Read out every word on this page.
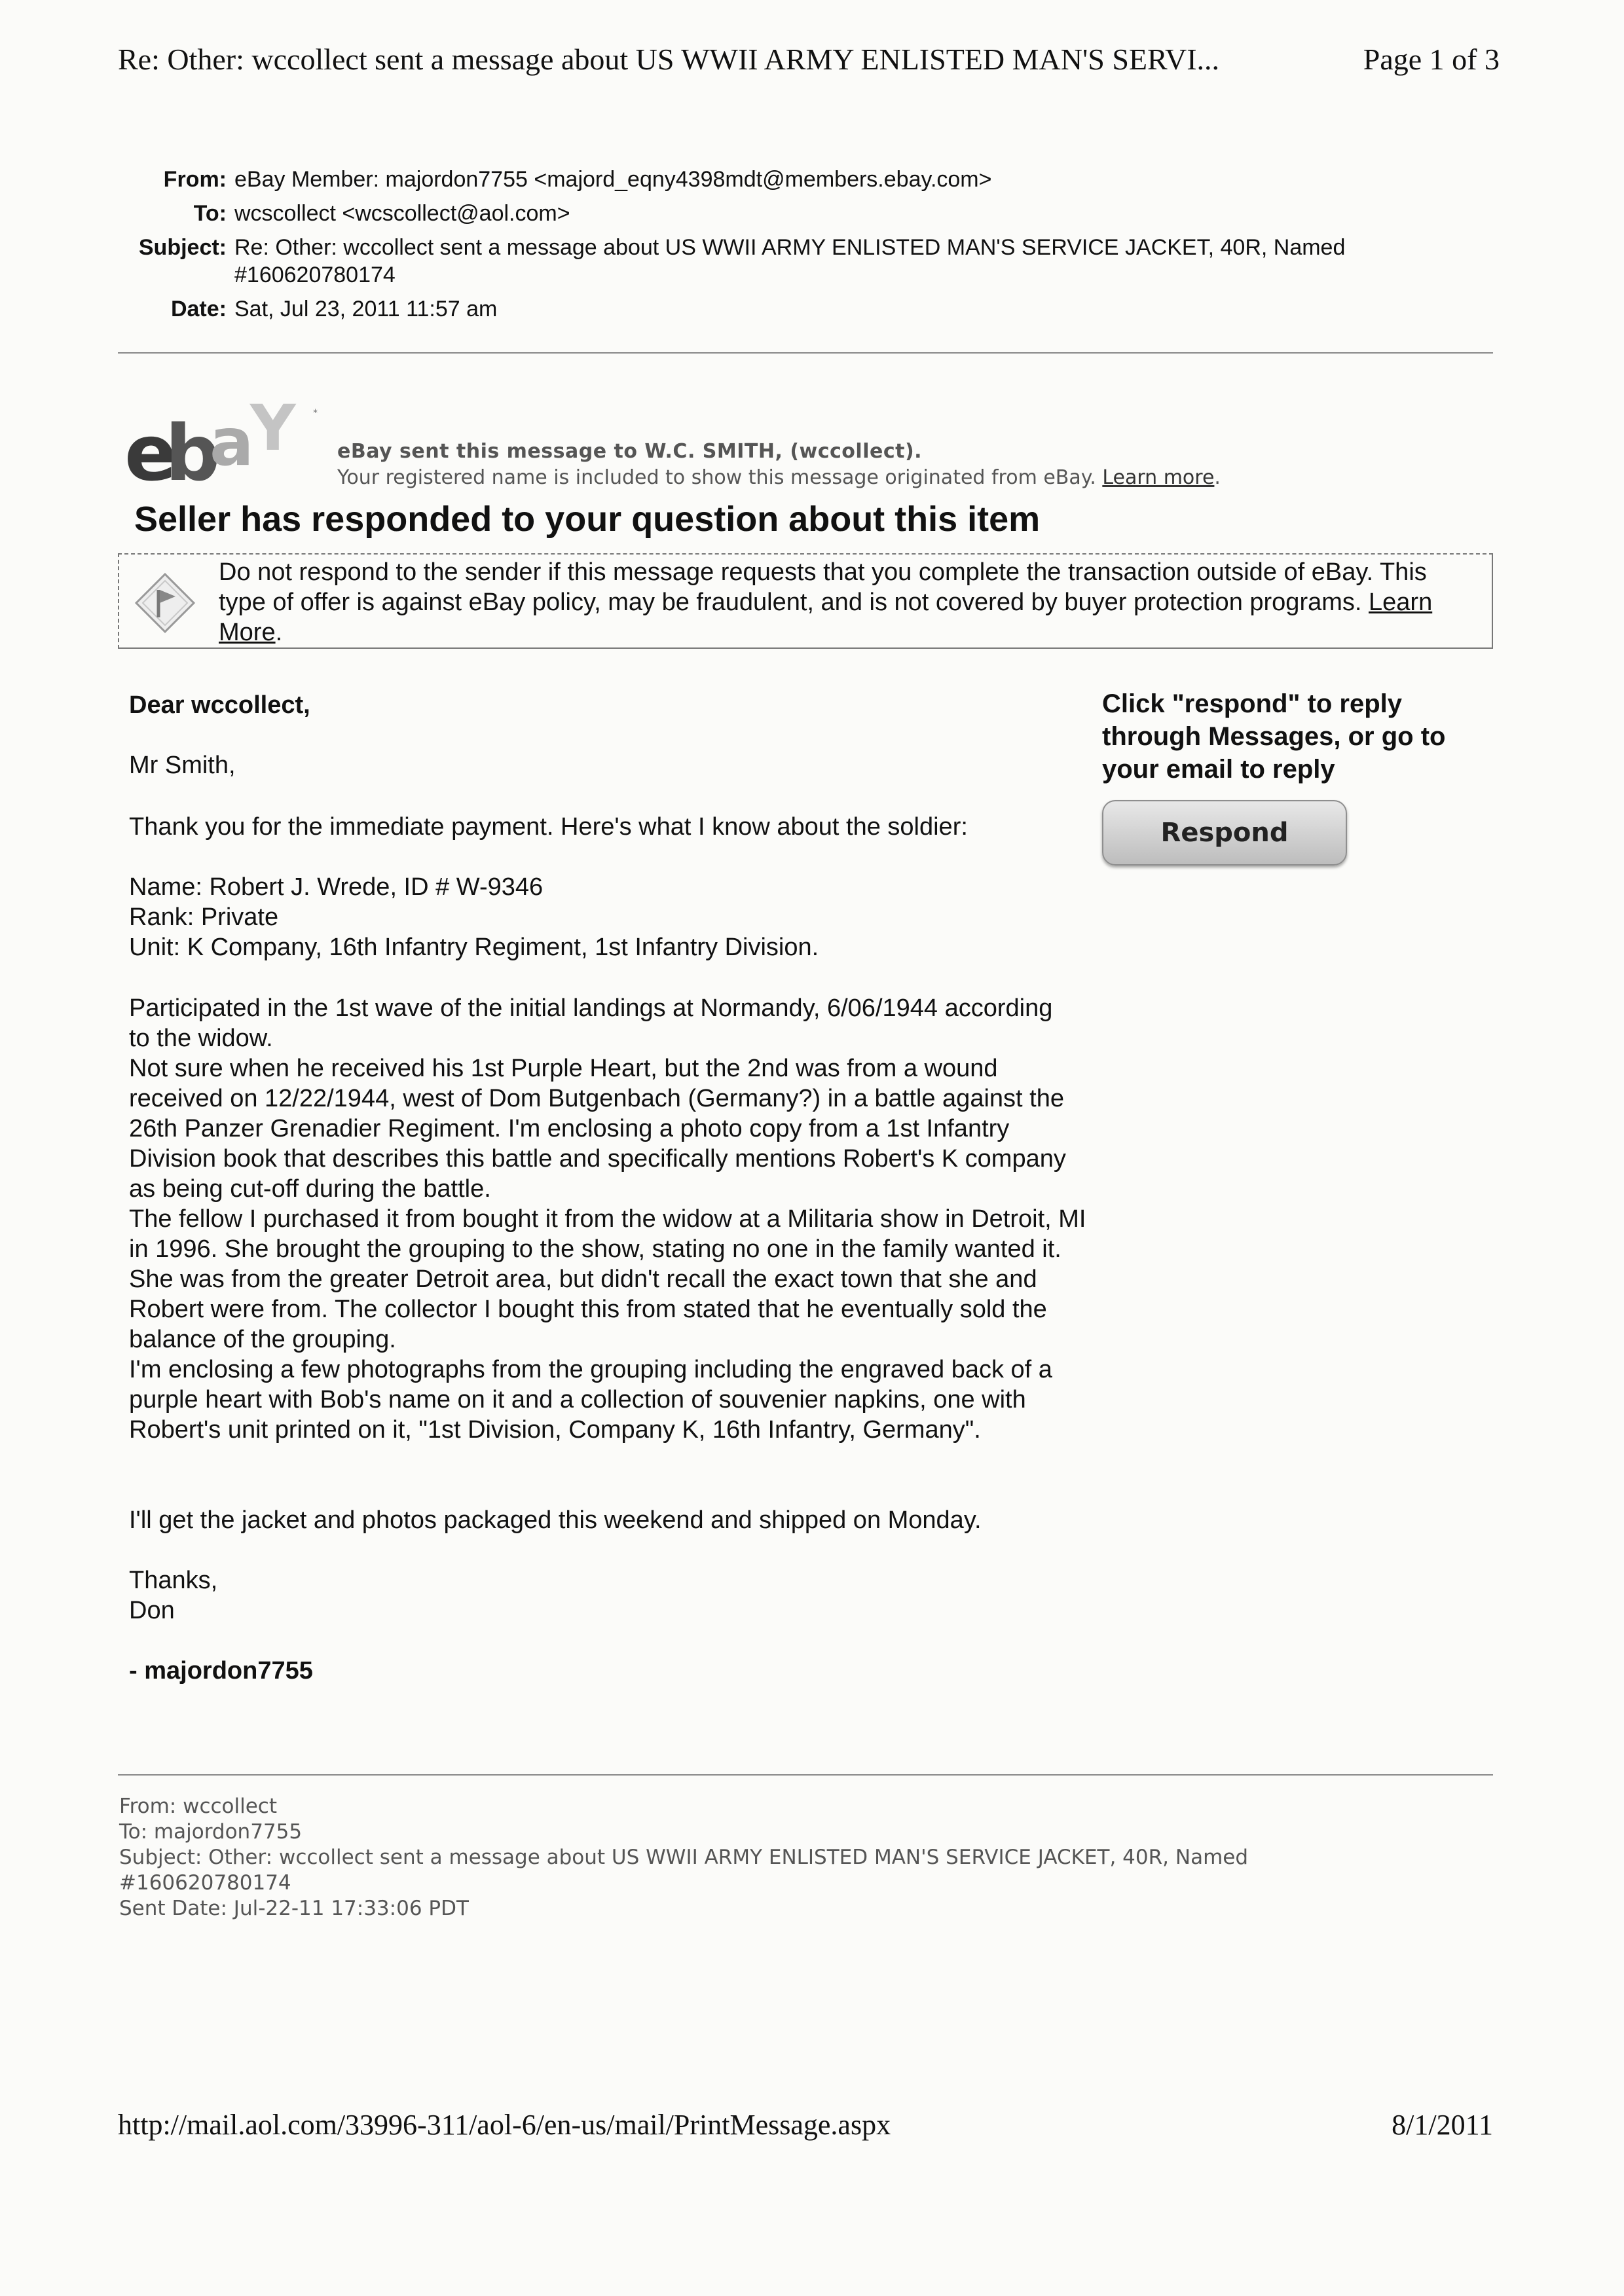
Re: Other: wccollect sent a message about US WWII ARMY ENLISTED MAN'S SERVI...	Page 1 of 3
From: eBay Member: majordon7755 <majord_eqny4398mdt@members.ebay.com>
To: wcscollect <wcscollect@aol.com>
Subject: Re: Other: wccollect sent a message about US WWII ARMY ENLISTED MAN'S SERVICE JACKET, 40R, Named #160620780174
Date: Sat, Jul 23, 2011 11:57 am
e
b
a
Y *
eBay sent this message to W.C. SMITH, (wccollect).
Your registered name is included to show this message originated from eBay. Learn more.
Seller has responded to your question about this item
Do not respond to the sender if this message requests that you complete the transaction outside of eBay. This type of offer is against eBay policy, may be fraudulent, and is not covered by buyer protection programs. Learn More.
Dear wccollect,
Mr Smith,
Thank you for the immediate payment. Here's what I know about the soldier:
Name: Robert J. Wrede, ID # W-9346
Rank: Private
Unit: K Company, 16th Infantry Regiment, 1st Infantry Division.
Participated in the 1st wave of the initial landings at Normandy, 6/06/1944 according to the widow.
Not sure when he received his 1st Purple Heart, but the 2nd was from a wound received on 12/22/1944, west of Dom Butgenbach (Germany?) in a battle against the 26th Panzer Grenadier Regiment. I'm enclosing a photo copy from a 1st Infantry Division book that describes this battle and specifically mentions Robert's K company as being cut-off during the battle.
The fellow I purchased it from bought it from the widow at a Militaria show in Detroit, MI in 1996. She brought the grouping to the show, stating no one in the family wanted it. She was from the greater Detroit area, but didn't recall the exact town that she and Robert were from. The collector I bought this from stated that he eventually sold the balance of the grouping.
I'm enclosing a few photographs from the grouping including the engraved back of a purple heart with Bob's name on it and a collection of souvenier napkins, one with Robert's unit printed on it, "1st Division, Company K, 16th Infantry, Germany".
I'll get the jacket and photos packaged this weekend and shipped on Monday.
Thanks,
Don
- majordon7755
Click "respond" to reply through Messages, or go to your email to reply
Respond
From: wccollect
To: majordon7755
Subject: Other: wccollect sent a message about US WWII ARMY ENLISTED MAN'S SERVICE JACKET, 40R, Named #160620780174
Sent Date: Jul-22-11 17:33:06 PDT
http://mail.aol.com/33996-311/aol-6/en-us/mail/PrintMessage.aspx	8/1/2011
